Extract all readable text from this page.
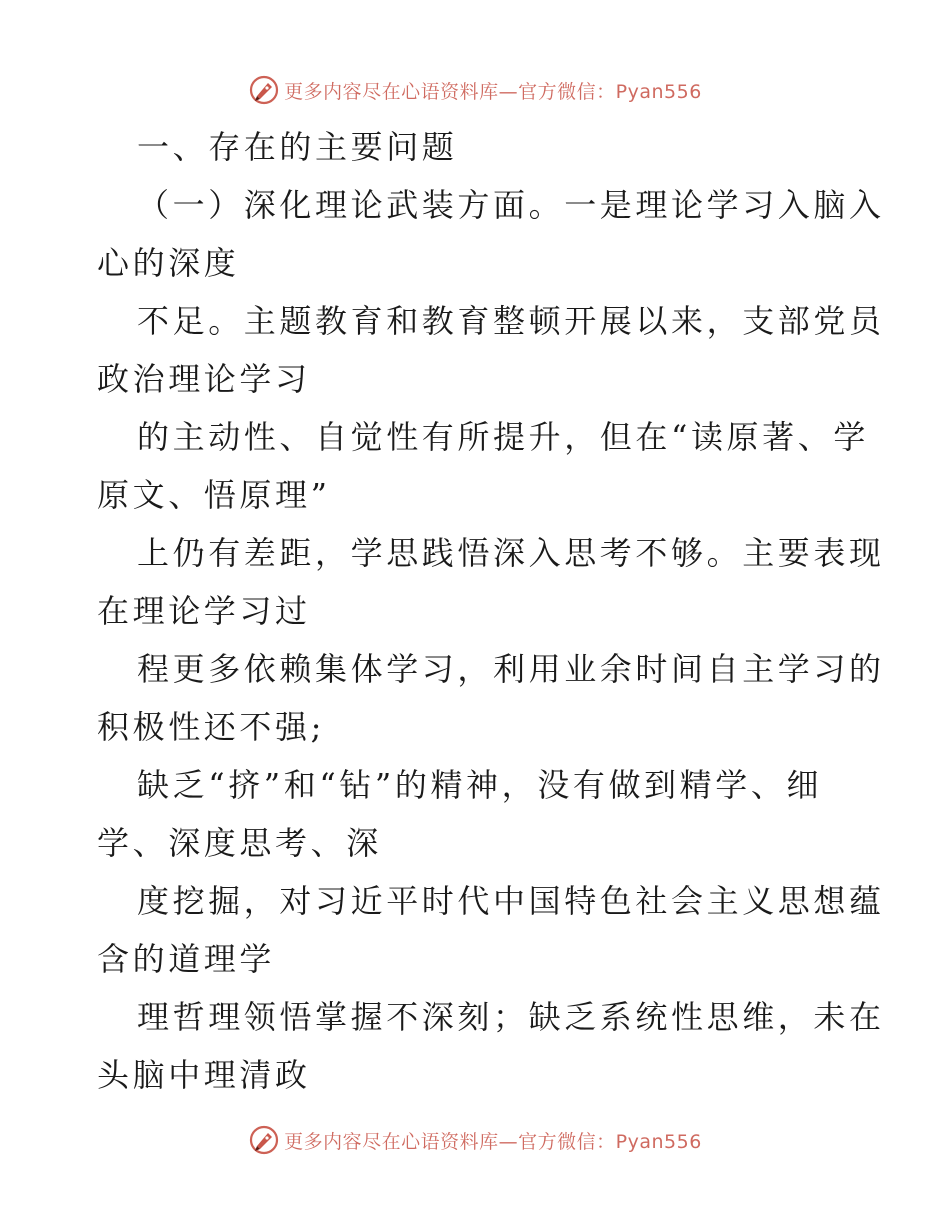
更多内容尽在心语资料库—官方微信：Pyan556
一、存在的主要问题
（一）深化理论武装方面。一是理论学习入脑入
心的深度
不足。主题教育和教育整顿开展以来，支部党员
政治理论学习
的主动性、自觉性有所提升，但在“读原著、学
原文、悟原理”
上仍有差距，学思践悟深入思考不够。主要表现
在理论学习过
程更多依赖集体学习，利用业余时间自主学习的
积极性还不强;
缺乏“挤”和“钻”的精神，没有做到精学、细
学、深度思考、深
度挖掘，对习近平时代中国特色社会主义思想蕴
含的道理学
理哲理领悟掌握不深刻；缺乏系统性思维，未在
头脑中理清政
更多内容尽在心语资料库—官方微信：Pyan556
